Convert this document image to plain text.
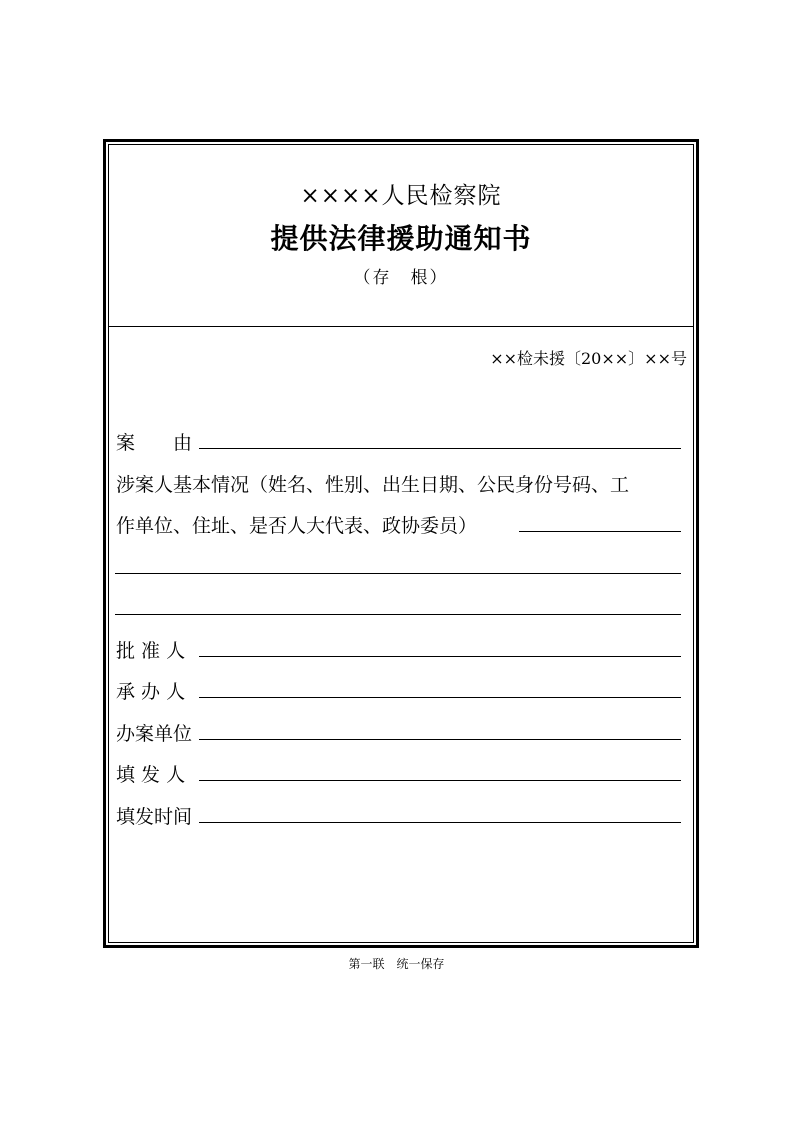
××××人民检察院
提供法律援助通知书
（存　根）
××检未援〔20××〕××号
案　　由
涉案人基本情况（姓名、性别、出生日期、公民身份号码、工
作单位、住址、是否人大代表、政协委员）
批 准 人
承 办 人
办案单位
填 发 人
填发时间
第一联　统一保存
